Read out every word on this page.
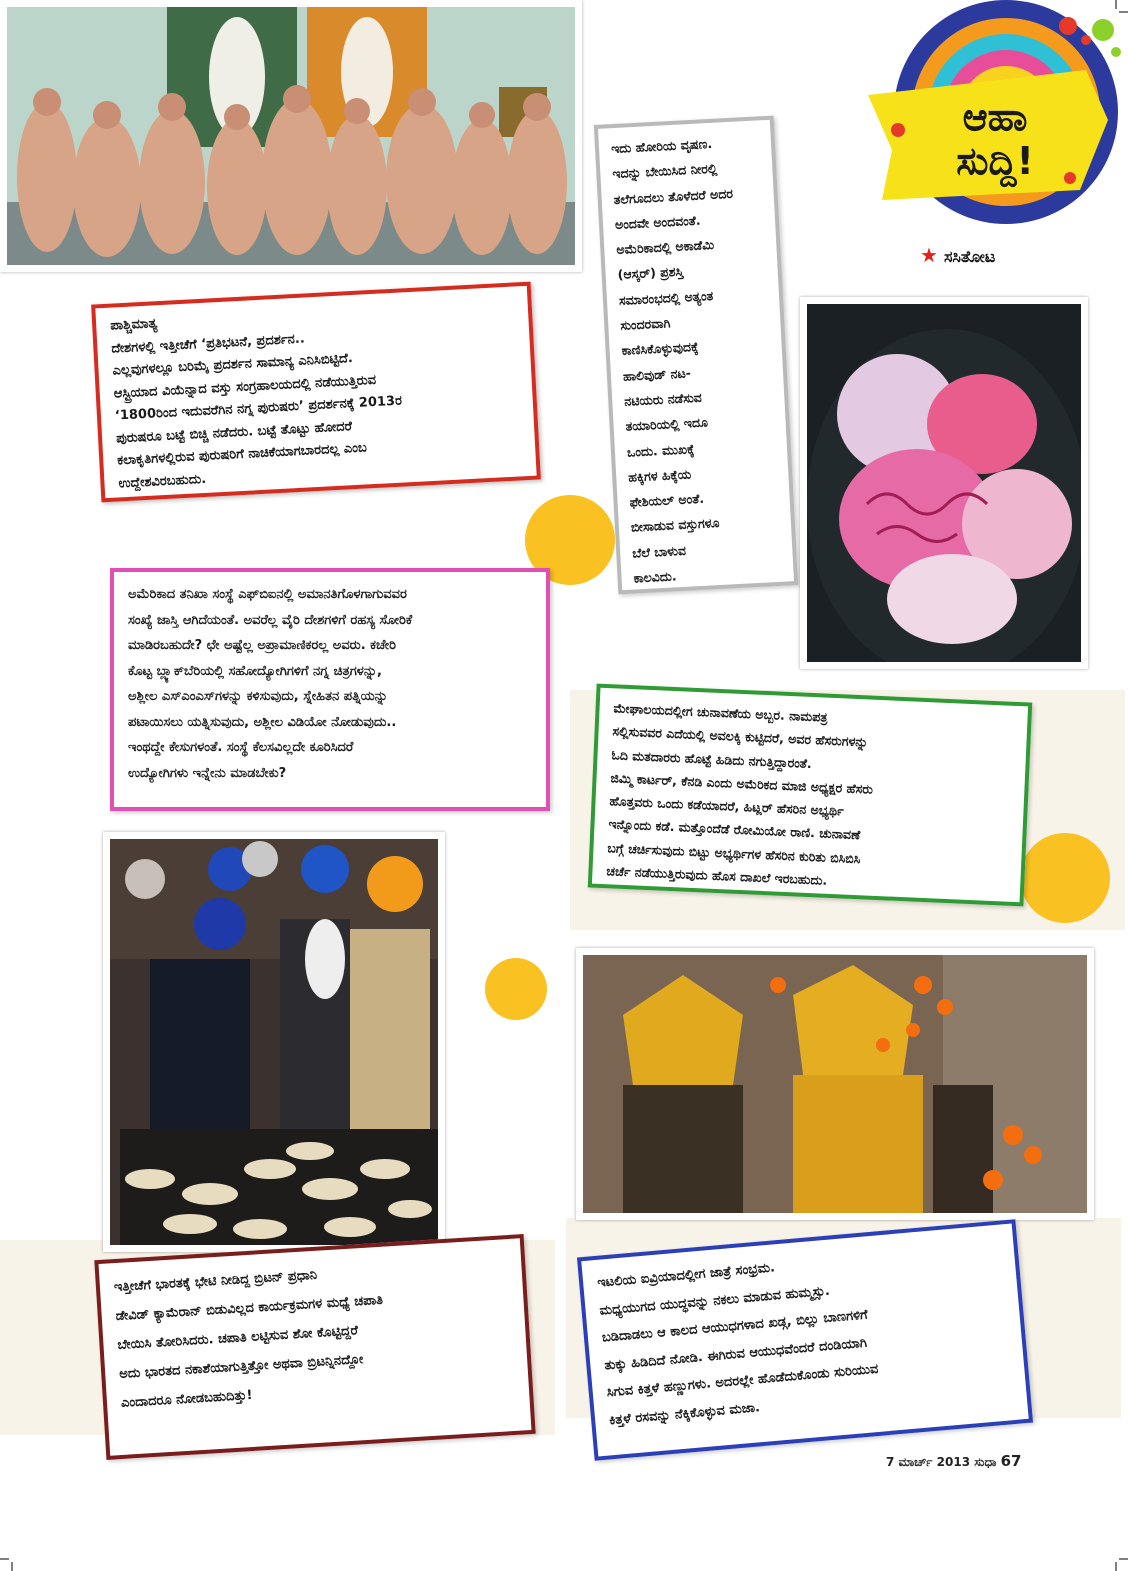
ಆಹಾ ಸುದ್ದಿ!
★ ಸಸಿತೋಟ

ಪಾಶ್ಚಿಮಾತ್ಯ
ದೇಶಗಳಲ್ಲಿ ಇತ್ತೀಚೆಗೆ ‘ಪ್ರತಿಭಟನೆ, ಪ್ರದರ್ಶನ..
ಎಲ್ಲವುಗಳಲ್ಲೂ ಬರಿಮೈ ಪ್ರದರ್ಶನ ಸಾಮಾನ್ಯ ಎನಿಸಿಬಿಟ್ಟಿದೆ.
ಆಸ್ಟ್ರಿಯಾದ ವಿಯೆನ್ನಾದ ವಸ್ತು ಸಂಗ್ರಹಾಲಯದಲ್ಲಿ ನಡೆಯುತ್ತಿರುವ
‘1800ರಿಂದ ಇದುವರೆಗಿನ ನಗ್ನ ಪುರುಷರು’ ಪ್ರದರ್ಶನಕ್ಕೆ 2013ರ
ಪುರುಷರೂ ಬಟ್ಟೆ ಬಿಚ್ಚಿ ನಡೆದರು. ಬಟ್ಟೆ ತೊಟ್ಟು ಹೋದರೆ
ಕಲಾಕೃತಿಗಳಲ್ಲಿರುವ ಪುರುಷರಿಗೆ ನಾಚಿಕೆಯಾಗಬಾರದಲ್ಲ ಎಂಬ
ಉದ್ದೇಶವಿರಬಹುದು.

ಇದು ಹೋರಿಯ ವೃಷಣ.
ಇದನ್ನು ಬೇಯಿಸಿದ ನೀರಲ್ಲಿ
ತಲೆಗೂದಲು ತೊಳೆದರೆ ಅದರ
ಅಂದವೇ ಅಂದವಂತೆ.
ಅಮೆರಿಕಾದಲ್ಲಿ ಅಕಾಡೆಮಿ
(ಆಸ್ಕರ್) ಪ್ರಶಸ್ತಿ
ಸಮಾರಂಭದಲ್ಲಿ ಅತ್ಯಂತ
ಸುಂದರವಾಗಿ
ಕಾಣಿಸಿಕೊಳ್ಳುವುದಕ್ಕೆ
ಹಾಲಿವುಡ್ ನಟ-
ನಟಿಯರು ನಡೆಸುವ
ತಯಾರಿಯಲ್ಲಿ ಇದೂ
ಒಂದು. ಮುಖಕ್ಕೆ
ಹಕ್ಕಿಗಳ ಹಿಕ್ಕೆಯ
ಫೇಶಿಯಲ್ ಅಂತೆ.
ಬೀಸಾಡುವ ವಸ್ತುಗಳೂ
ಬೆಲೆ ಬಾಳುವ
ಕಾಲವಿದು.

ಅಮೆರಿಕಾದ ತನಿಖಾ ಸಂಸ್ಥೆ ಎಫ್‌ಬಿಐನಲ್ಲಿ ಅಮಾನತಿಗೊಳಗಾಗುವವರ
ಸಂಖ್ಯೆ ಜಾಸ್ತಿ ಆಗಿದೆಯಂತೆ. ಅವರೆಲ್ಲ ವೈರಿ ದೇಶಗಳಿಗೆ ರಹಸ್ಯ ಸೋರಿಕೆ
ಮಾಡಿರಬಹುದೇ? ಛೇ ಅಷ್ಟೆಲ್ಲ ಅಪ್ರಾಮಾಣಿಕರಲ್ಲ ಅವರು. ಕಚೇರಿ
ಕೊಟ್ಟ ಬ್ಲ್ಯಾಕ್‌ಬೆರಿಯಲ್ಲಿ ಸಹೋದ್ಯೋಗಿಗಳಿಗೆ ನಗ್ನ ಚಿತ್ರಗಳನ್ನು,
ಅಶ್ಲೀಲ ಎಸ್‌ಎಂಎಸ್‌ಗಳನ್ನು ಕಳಿಸುವುದು, ಸ್ನೇಹಿತನ ಪತ್ನಿಯನ್ನು
ಪಟಾಯಿಸಲು ಯತ್ನಿಸುವುದು, ಅಶ್ಲೀಲ ವಿಡಿಯೋ ನೋಡುವುದು..
ಇಂಥದ್ದೇ ಕೇಸುಗಳಂತೆ. ಸಂಸ್ಥೆ ಕೆಲಸವಿಲ್ಲದೇ ಕೂರಿಸಿದರೆ
ಉದ್ಯೋಗಿಗಳು ಇನ್ನೇನು ಮಾಡಬೇಕು?

ಮೇಘಾಲಯದಲ್ಲೀಗ ಚುನಾವಣೆಯ ಅಬ್ಬರ. ನಾಮಪತ್ರ
ಸಲ್ಲಿಸುವವರ ಎದೆಯಲ್ಲಿ ಅವಲಕ್ಕಿ ಕುಟ್ಟಿದರೆ, ಅವರ ಹೆಸರುಗಳನ್ನು
ಓದಿ ಮತದಾರರು ಹೊಟ್ಟೆ ಹಿಡಿದು ನಗುತ್ತಿದ್ದಾರಂತೆ.
ಜಿಮ್ಮಿ ಕಾರ್ಟರ್, ಕೆನಡಿ ಎಂದು ಅಮೆರಿಕದ ಮಾಜಿ ಅಧ್ಯಕ್ಷರ ಹೆಸರು
ಹೊತ್ತವರು ಒಂದು ಕಡೆಯಾದರೆ, ಹಿಟ್ಲರ್ ಹೆಸರಿನ ಅಭ್ಯರ್ಥಿ
ಇನ್ನೊಂದು ಕಡೆ. ಮತ್ತೊಂದೆಡೆ ರೋಮಿಯೋ ರಾಣಿ. ಚುನಾವಣೆ
ಬಗ್ಗೆ ಚರ್ಚಿಸುವುದು ಬಿಟ್ಟು ಅಭ್ಯರ್ಥಿಗಳ ಹೆಸರಿನ ಕುರಿತು ಬಿಸಿಬಿಸಿ
ಚರ್ಚೆ ನಡೆಯುತ್ತಿರುವುದು ಹೊಸ ದಾಖಲೆ ಇರಬಹುದು.

ಇತ್ತೀಚೆಗೆ ಭಾರತಕ್ಕೆ ಭೇಟಿ ನೀಡಿದ್ದ ಬ್ರಿಟನ್ ಪ್ರಧಾನಿ
ಡೇವಿಡ್ ಕ್ಯಾಮೆರಾನ್ ಬಿಡುವಿಲ್ಲದ ಕಾರ್ಯಕ್ರಮಗಳ ಮಧ್ಯೆ ಚಪಾತಿ
ಬೇಯಿಸಿ ತೋರಿಸಿದರು. ಚಪಾತಿ ಲಟ್ಟಿಸುವ ಶೋ ಕೊಟ್ಟಿದ್ದರೆ
ಅದು ಭಾರತದ ನಕಾಶೆಯಾಗುತ್ತಿತ್ತೋ ಅಥವಾ ಬ್ರಿಟನ್ನಿನದ್ದೋ
ಎಂದಾದರೂ ನೋಡಬಹುದಿತ್ತು!

ಇಟಲಿಯ ಐವ್ರಿಯಾದಲ್ಲೀಗ ಜಾತ್ರೆ ಸಂಭ್ರಮ.
ಮಧ್ಯಯುಗದ ಯುದ್ಧವನ್ನು ನಕಲು ಮಾಡುವ ಹುಮ್ಮಸ್ಸು.
ಬಡಿದಾಡಲು ಆ ಕಾಲದ ಆಯುಧಗಳಾದ ಖಡ್ಗ, ಬಿಲ್ಲು ಬಾಣಗಳಿಗೆ
ತುಕ್ಕು ಹಿಡಿದಿದೆ ನೋಡಿ. ಈಗಿರುವ ಆಯುಧವೆಂದರೆ ದಂಡಿಯಾಗಿ
ಸಿಗುವ ಕಿತ್ತಳೆ ಹಣ್ಣುಗಳು. ಅದರಲ್ಲೇ ಹೊಡೆದುಕೊಂಡು ಸುರಿಯುವ
ಕಿತ್ತಳೆ ರಸವನ್ನು ನೆಕ್ಕಿಕೊಳ್ಳುವ ಮಜಾ.

7 ಮಾರ್ಚ್ 2013 ಸುಧಾ 67
